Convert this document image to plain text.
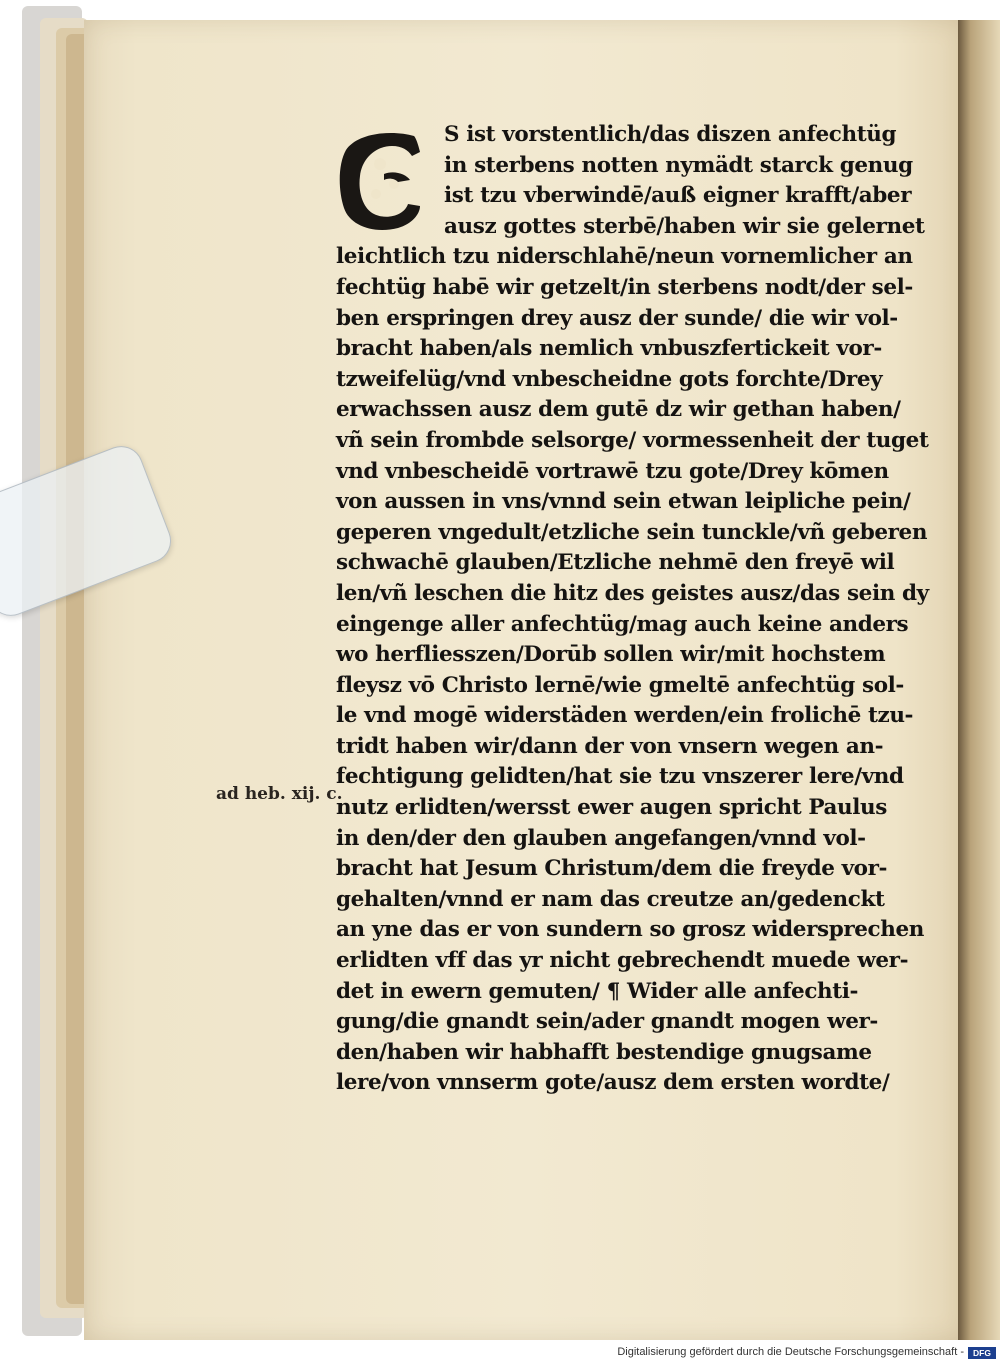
S ist vorstentlich/das diszen anfechtüg
in sterbens notten nymädt starck genug
ist tzu vberwindē/auß eigner krafft/aber
ausz gottes sterbē/haben wir sie gelernet
leichtlich tzu niderschlahē/neun vornemlicher an
fechtüg habē wir getzelt/in sterbens nodt/der sel-
ben erspringen drey ausz der sunde/ die wir vol-
bracht haben/als nemlich vnbuszfertickeit vor-
tzweifelüg/vnd vnbescheidne gots forchte/Drey
erwachssen ausz dem gutē dz wir gethan haben/
vñ sein frombde selsorge/ vormessenheit der tuget
vnd vnbescheidē vortrawē tzu gote/Drey kōmen
von aussen in vns/vnnd sein etwan leipliche pein/
geperen vngedult/etzliche sein tunckle/vñ geberen
schwachē glauben/Etzliche nehmē den freyē wil
len/vñ leschen die hitz des geistes ausz/das sein dy
eingenge aller anfechtüg/mag auch keine anders
wo herfliesszen/Dorūb sollen wir/mit hochstem
fleysz vō Christo lernē/wie gmeltē anfechtüg sol-
le vnd mogē widerstäden werden/ein frolichē tzu-
tridt haben wir/dann der von vnsern wegen an-
fechtigung gelidten/hat sie tzu vnszerer lere/vnd
nutz erlidten/wersst ewer augen spricht Paulus
in den/der den glauben angefangen/vnnd vol-
bracht hat Jesum Christum/dem die freyde vor-
gehalten/vnnd er nam das creutze an/gedenckt
an yne das er von sundern so grosz widersprechen
erlidten vff das yr nicht gebrechendt muede wer-
det in ewern gemuten/ ¶ Wider alle anfechti-
gung/die gnandt sein/ader gnandt mogen wer-
den/haben wir habhafft bestendige gnugsame
lere/von vnnserm gote/ausz dem ersten wordte/
ad heb. xij. c.
Digitalisierung gefördert durch die Deutsche Forschungsgemeinschaft -	DFG
